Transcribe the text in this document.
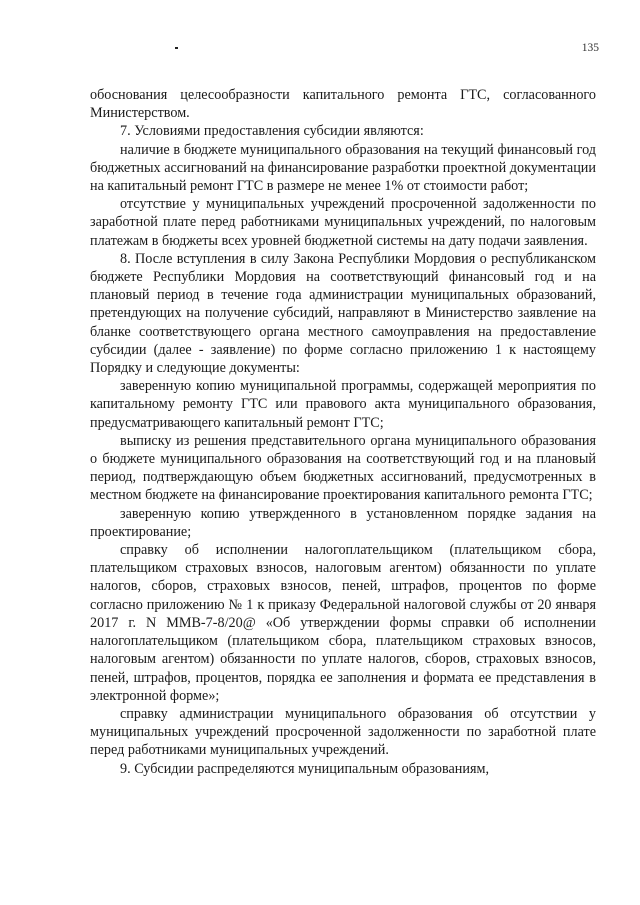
135

обоснования целесообразности капитального ремонта ГТС, согласованного Министерством.

7. Условиями предоставления субсидии являются:

наличие в бюджете муниципального образования на текущий финансовый год бюджетных ассигнований на финансирование разработки проектной документации на капитальный ремонт ГТС в размере не менее 1% от стоимости работ;

отсутствие у муниципальных учреждений просроченной задолженности по заработной плате перед работниками муниципальных учреждений, по налоговым платежам в бюджеты всех уровней бюджетной системы на дату подачи заявления.

8. После вступления в силу Закона Республики Мордовия о республиканском бюджете Республики Мордовия на соответствующий финансовый год и на плановый период в течение года администрации муниципальных образований, претендующих на получение субсидий, направляют в Министерство заявление на бланке соответствующего органа местного самоуправления на предоставление субсидии (далее - заявление) по форме согласно приложению 1 к настоящему Порядку и следующие документы:

заверенную копию муниципальной программы, содержащей мероприятия по капитальному ремонту ГТС или правового акта муниципального образования, предусматривающего капитальный ремонт ГТС;

выписку из решения представительного органа муниципального образования о бюджете муниципального образования на соответствующий год и на плановый период, подтверждающую объем бюджетных ассигнований, предусмотренных в местном бюджете на финансирование проектирования капитального ремонта ГТС;

заверенную копию утвержденного в установленном порядке задания на проектирование;

справку об исполнении налогоплательщиком (плательщиком сбора, плательщиком страховых взносов, налоговым агентом) обязанности по уплате налогов, сборов, страховых взносов, пеней, штрафов, процентов по форме согласно приложению № 1 к приказу Федеральной налоговой службы от 20 января 2017 г. N ММВ-7-8/20@ «Об утверждении формы справки об исполнении налогоплательщиком (плательщиком сбора, плательщиком страховых взносов, налоговым агентом) обязанности по уплате налогов, сборов, страховых взносов, пеней, штрафов, процентов, порядка ее заполнения и формата ее представления в электронной форме»;

справку администрации муниципального образования об отсутствии у муниципальных учреждений просроченной задолженности по заработной плате перед работниками муниципальных учреждений.

9. Субсидии распределяются муниципальным образованиям,
